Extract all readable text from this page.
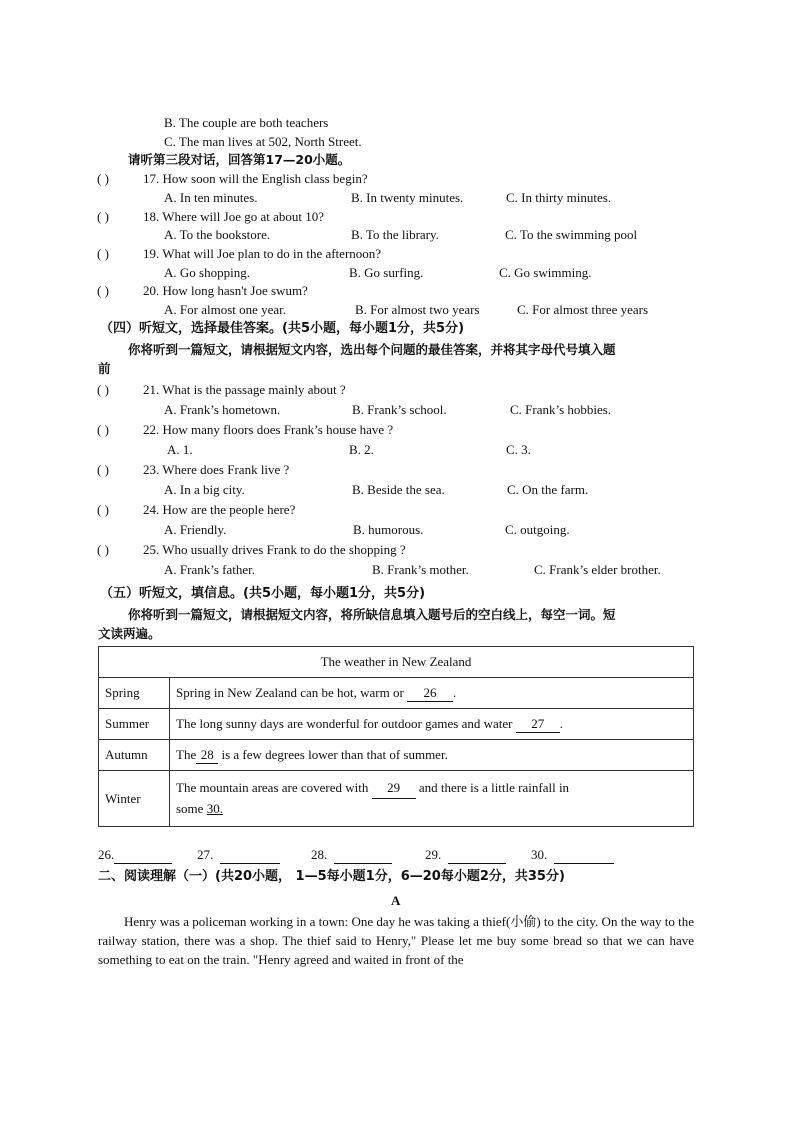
B. The couple are both teachers
C. The man lives at 502, North Street.
请听第三段对话，回答第17—20小题。
( )	17. How soon will the English class begin?
A. In ten minutes.	B. In twenty minutes.	C. In thirty minutes.
( )	18. Where will Joe go at about 10?
A. To the bookstore.	B. To the library.	C. To the swimming pool
( )	19. What will Joe plan to do in the afternoon?
A. Go shopping.	B. Go surfing.	C. Go swimming.
( )	20. How long hasn't Joe swum?
A. For almost one year.	B. For almost two years	C. For almost three years
（四）听短文，选择最佳答案。(共5小题，每小题1分，共5分)
你将听到一篇短文，请根据短文内容，选出每个问题的最佳答案，并将其字母代号填入题
前
( )	21. What is the passage mainly about ?
A. Frank’s hometown.	B. Frank’s school.	C. Frank’s hobbies.
( )	22. How many floors does Frank’s house have ?
A. 1.	B. 2.	C. 3.
( )	23. Where does Frank live ?
A. In a big city.	B. Beside the sea.	C. On the farm.
( )	24. How are the people here?
A. Friendly.	B. humorous.	C. outgoing.
( )	25. Who usually drives Frank to do the shopping ?
A. Frank’s father.	B. Frank’s mother.	C. Frank’s elder brother.
（五）听短文，填信息。(共5小题，每小题1分，共5分)
你将听到一篇短文，请根据短文内容，将所缺信息填入题号后的空白线上，每空一词。短
文读两遍。
The weather in New Zealand	
Spring	Spring in New Zealand can be hot, warm or 26 .
Summer	The long sunny days are wonderful for outdoor games and water 27 .
Autumn	The 28 is a few degrees lower than that of summer.
Winter	The mountain areas are covered with 29 and there is a little rainfall in
some 30.
26.	27.	28.	29.	30.
二、阅读理解（一）(共20小题， 1—5每小题1分，6—20每小题2分，共35分)
A
Henry was a policeman working in a town: One day he was taking a thief(小偷) to the city. On the way to the railway station, there was a shop. The thief said to Henry," Please let me buy some bread so that we can have something to eat on the train. "Henry agreed and waited in front of the
